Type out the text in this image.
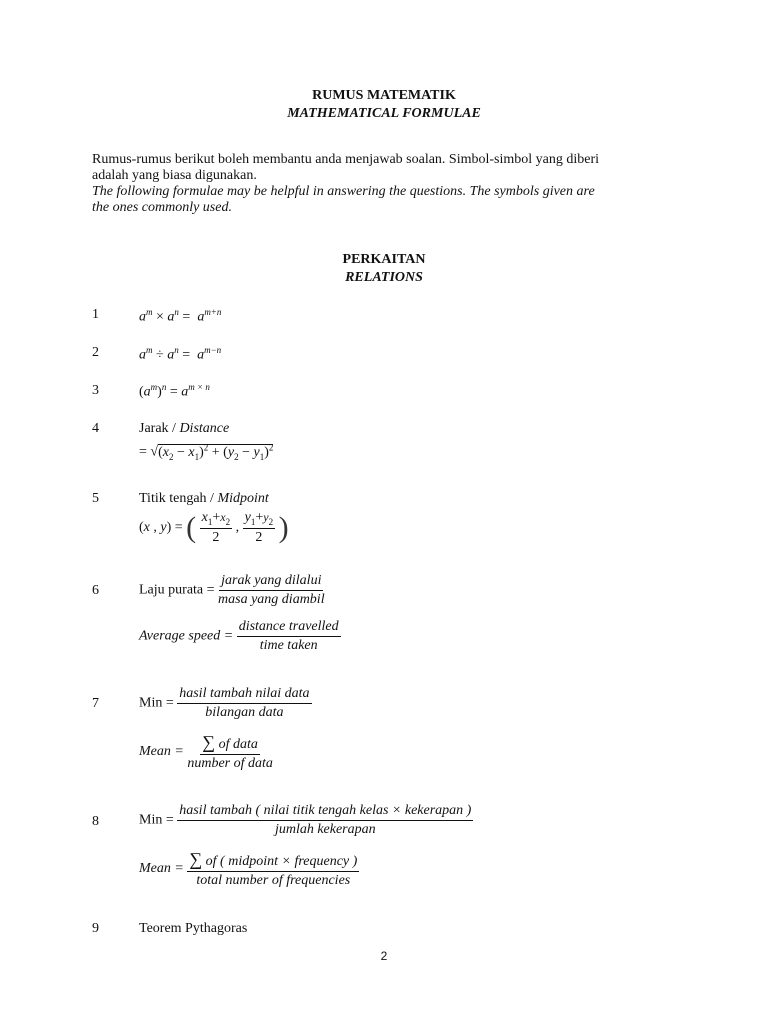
RUMUS MATEMATIK
MATHEMATICAL FORMULAE
Rumus-rumus berikut boleh membantu anda menjawab soalan. Simbol-simbol yang diberi
adalah yang biasa digunakan.
The following formulae may be helpful in answering the questions. The symbols given are
the ones commonly used.
PERKAITAN
RELATIONS
1	$a^m \times a^n = a^{m+n}$
2	$a^m \div a^n = a^{m-n}$
3	$(a^m)^n = a^{m \times n}$
4	Jarak / Distance
= $√(x_2 - x_1)^2 + (y_2 - y_1)^2$
5	Titik tengah / Midpoint
(x , y) = ( $\frac{x_1+x_2}{2}$ , $\frac{y_1+y_2}{2}$ )
6	Laju purata = $\frac{\text{jarak yang dilalui}}{\text{masa yang diambil}}$
Average speed = $\frac{\text{distance travelled}}{\text{time taken}}$
7	Min = $\frac{\text{hasil tambah nilai data}}{\text{bilangan data}}$
Mean = $\frac{\text{∑ of data}}{\text{number of data}}$
8	Min = $\frac{\text{hasil tambah ( nilai titik tengah kelas × kekerapan )}}{\text{jumlah kekerapan}}$
Mean = $\frac{\text{∑ of ( midpoint × frequency )}}{\text{total number of frequencies}}$
9	Teorem Pythagoras
2
